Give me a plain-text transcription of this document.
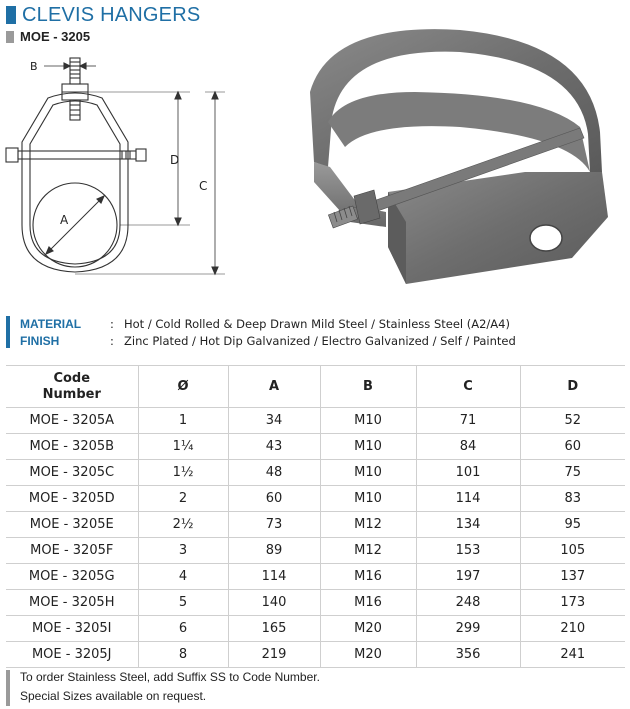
CLEVIS HANGERS
MOE - 3205
B
D
C
A
MATERIAL	: Hot / Cold Rolled & Deep Drawn Mild Steel / Stainless Steel (A2/A4)
FINISH	: Zinc Plated / Hot Dip Galvanized / Electro Galvanized / Self / Painted
Code Number	Ø	A	B	C	D
MOE - 3205A	1	34	M10	71	52
MOE - 3205B	1¼	43	M10	84	60
MOE - 3205C	1½	48	M10	101	75
MOE - 3205D	2	60	M10	114	83
MOE - 3205E	2½	73	M12	134	95
MOE - 3205F	3	89	M12	153	105
MOE - 3205G	4	114	M16	197	137
MOE - 3205H	5	140	M16	248	173
MOE - 3205I	6	165	M20	299	210
MOE - 3205J	8	219	M20	356	241
To order Stainless Steel, add Suffix SS to Code Number.
Special Sizes available on request.
